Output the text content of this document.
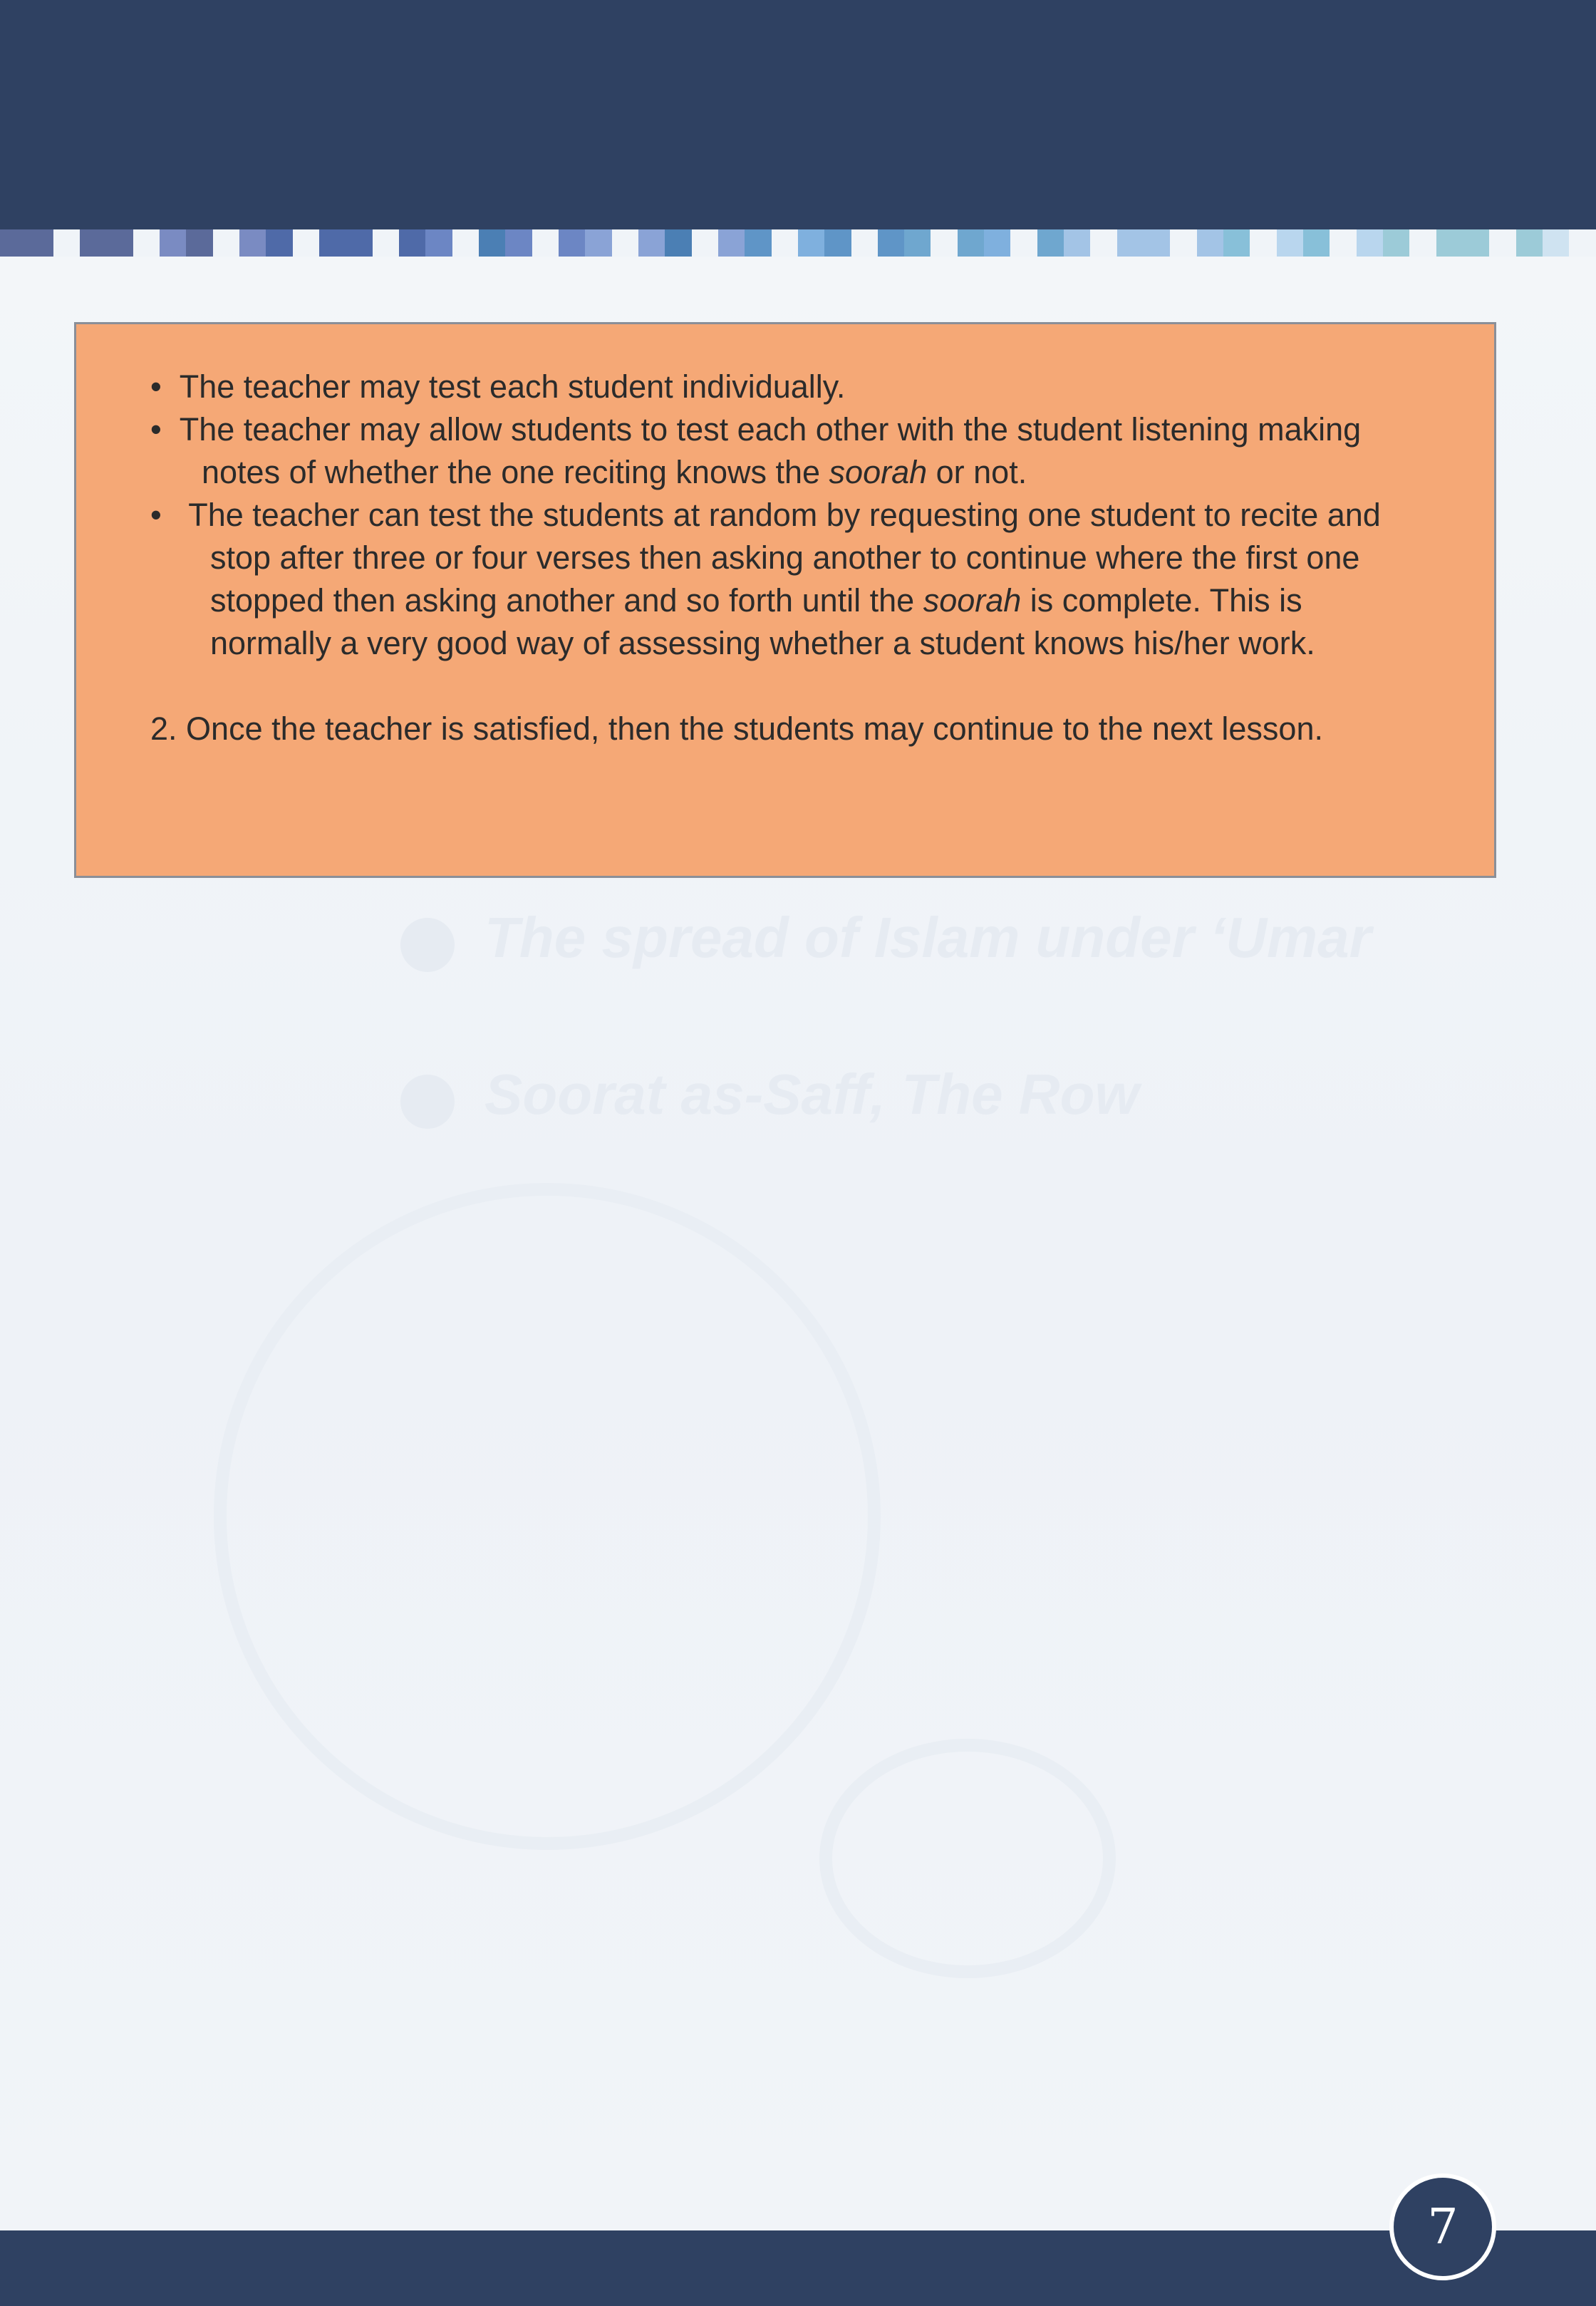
The spread of Islam under ‘Umar
Soorat as-Saff, The Row

•  The teacher may test each student individually.

•  The teacher may allow students to test each other with the student listening making notes of whether the one reciting knows the soorah or not.

•   The teacher can test the students at random by requesting one student to recite and stop after three or four verses then asking another to continue where the first one stopped then asking another and so forth until the soorah is complete. This is normally a very good way of assessing whether a student knows his/her work.

2. Once the teacher is satisfied, then the students may continue to the next lesson.

7
